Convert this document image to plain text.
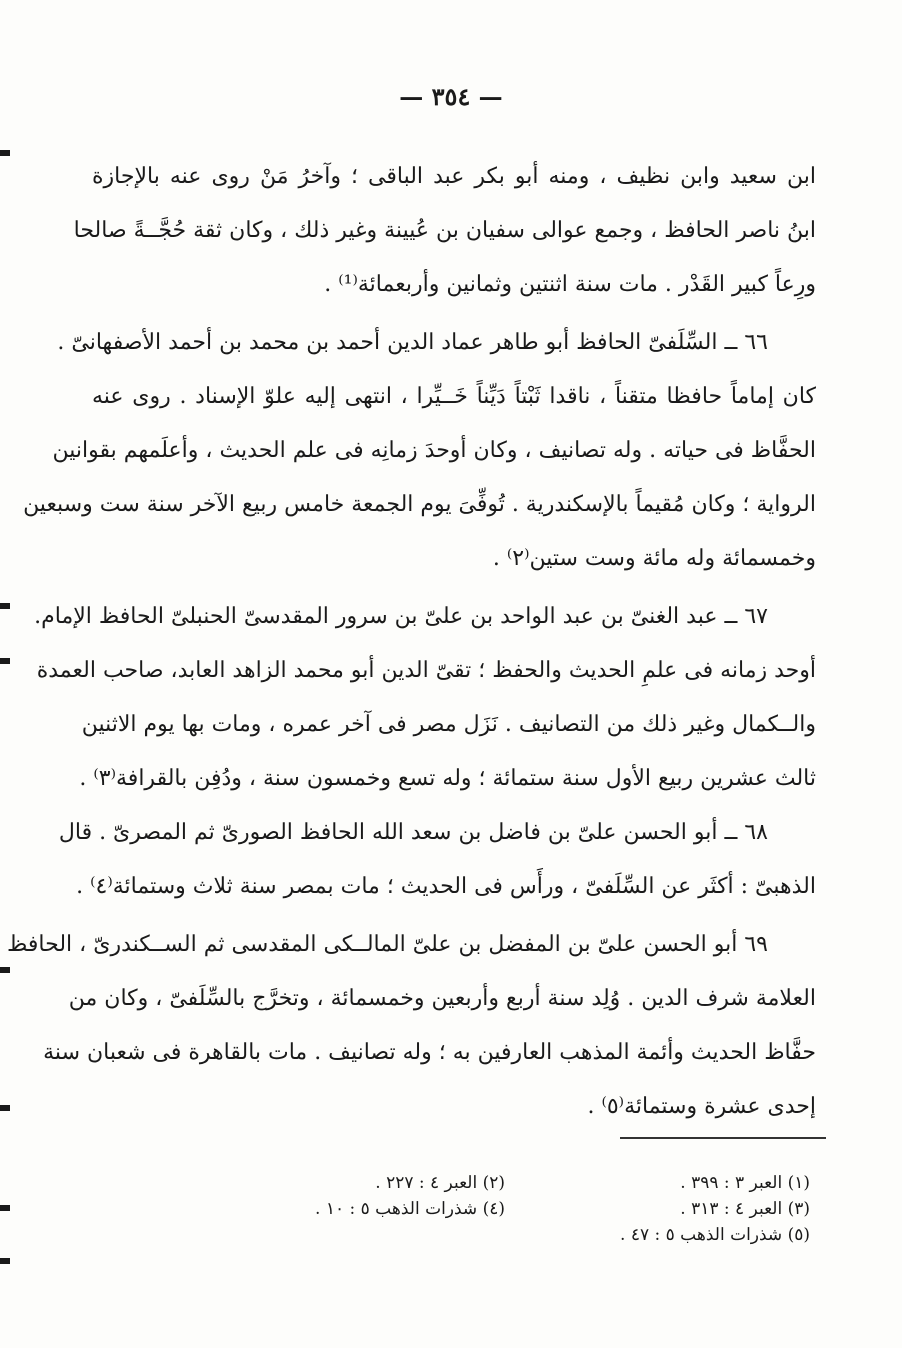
— ٣٥٤ —
ابن سعيد وابن نظيف ، ومنه أبو بكر عبد الباقى ؛ وآخرُ مَنْ روى عنه بالإجازة
ابنُ ناصر الحافظ ، وجمع عوالى سفيان بن عُيينة وغير ذلك ، وكان ثقة حُجَّــةً صالحا
ورِعاً كبير القَدْر . مات سنة اثنتين وثمانين وأربعمائة⁽¹⁾ .
٦٦ ــ السِّلَفىّ الحافظ أبو طاهر عماد الدين أحمد بن محمد بن أحمد الأصفهانىّ .
كان إماماً حافظا متقناً ، ناقدا ثَبْتاً دَيِّناً خَــيِّرا ، انتهى إليه علوّ الإسناد . روى عنه
الحفَّاظ فى حياته . وله تصانيف ، وكان أوحدَ زمانِه فى علم الحديث ، وأعلَمهم بقوانين
الرواية ؛ وكان مُقيماً بالإسكندرية . تُوفِّىَ يوم الجمعة خامس ربيع الآخر سنة ست وسبعين
وخمسمائة وله مائة وست ستين⁽٢⁾ .
٦٧ ــ عبد الغنىّ بن عبد الواحد بن علىّ بن سرور المقدسىّ الحنبلىّ الحافظ الإمام.
أوحد زمانه فى علمِ الحديث والحفظ ؛ تقىّ الدين أبو محمد الزاهد العابد، صاحب العمدة
والــكمال وغير ذلك من التصانيف . نَزَل مصر فى آخر عمره ، ومات بها يوم الاثنين
ثالث عشرين ربيع الأول سنة ستمائة ؛ وله تسع وخمسون سنة ، ودُفِن بالقرافة⁽٣⁾ .
٦٨ ــ أبو الحسن علىّ بن فاضل بن سعد الله الحافظ الصورىّ ثم المصرىّ . قال
الذهبىّ : أكثَر عن السِّلَفىّ ، ورأَس فى الحديث ؛ مات بمصر سنة ثلاث وستمائة⁽٤⁾ .
٦٩ أبو الحسن علىّ بن المفضل بن علىّ المالــكى المقدسى ثم الســكندرىّ ، الحافظ
العلامة شرف الدين . وُلِد سنة أربع وأربعين وخمسمائة ، وتخرَّج بالسِّلَفىّ ، وكان من
حفَّاظ الحديث وأئمة المذهب العارفين به ؛ وله تصانيف . مات بالقاهرة فى شعبان سنة
إحدى عشرة وستمائة⁽٥⁾ .
(١) العبر ٣ : ٣٩٩ .
(٢) العبر ٤ : ٢٢٧ .
(٣) العبر ٤ : ٣١٣ .
(٤) شذرات الذهب ٥ : ١٠ .
(٥) شذرات الذهب ٥ : ٤٧ .
